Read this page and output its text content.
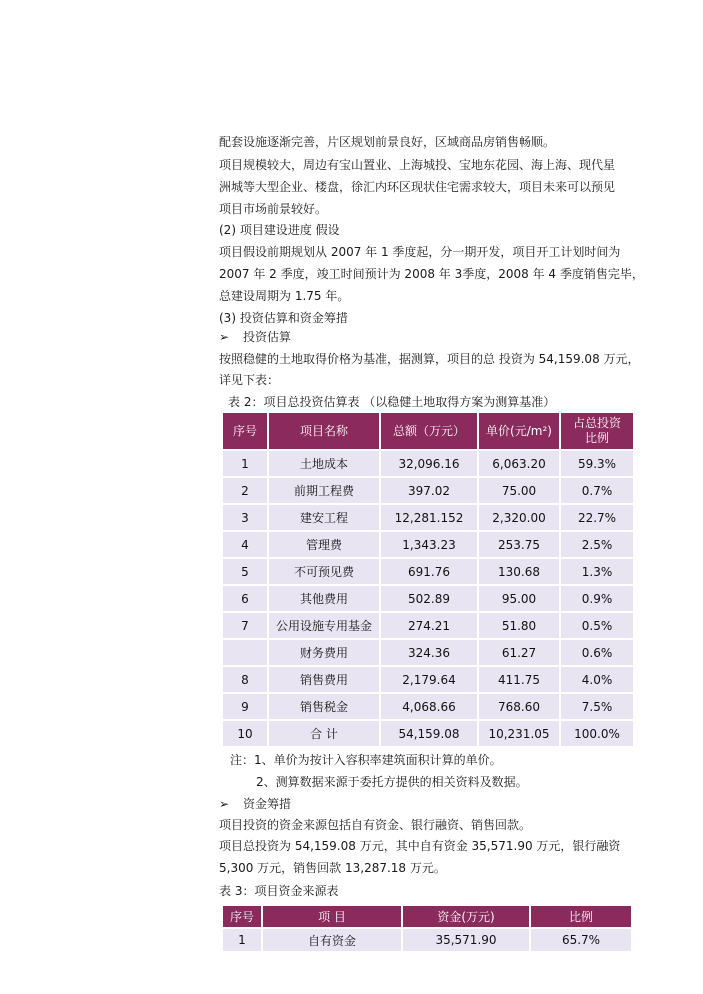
配套设施逐渐完善，片区规划前景良好，区域商品房销售畅顺。
项目规模较大，周边有宝山置业、上海城投、宝地东花园、海上海、现代星
洲城等大型企业、楼盘，徐汇内环区现状住宅需求较大，项目未来可以预见
项目市场前景较好。
(2) 项目建设进度 假设
项目假设前期规划从 2007 年 1 季度起，分一期开发，项目开工计划时间为
2007 年 2 季度，竣工时间预计为 2008 年 3季度，2008 年 4 季度销售完毕，
总建设周期为 1.75 年。
(3) 投资估算和资金筹措
➢ 投资估算
按照稳健的土地取得价格为基准，据测算，项目的总 投资为 54,159.08 万元，
详见下表：
表 2：项目总投资估算表 （以稳健土地取得方案为测算基准）
序号	项目名称	总额（万元）	单价(元/m²)	占总投资
比例
1	土地成本	32,096.16	6,063.20	59.3%
2	前期工程费	397.02	75.00	0.7%
3	建安工程	12,281.152	2,320.00	22.7%
4	管理费	1,343.23	253.75	2.5%
5	不可预见费	691.76	130.68	1.3%
6	其他费用	502.89	95.00	0.9%
7	公用设施专用基金	274.21	51.80	0.5%
	财务费用	324.36	61.27	0.6%
8	销售费用	2,179.64	411.75	4.0%
9	销售税金	4,068.66	768.60	7.5%
10	合 计	54,159.08	10,231.05	100.0%
注：1、单价为按计入容积率建筑面积计算的单价。
2、测算数据来源于委托方提供的相关资料及数据。
➢ 资金筹措
项目投资的资金来源包括自有资金、银行融资、销售回款。
项目总投资为 54,159.08 万元，其中自有资金 35,571.90 万元，银行融资
5,300 万元，销售回款 13,287.18 万元。
表 3：项目资金来源表
序号	项 目	资金(万元)	比例
1	自有资金	35,571.90	65.7%
